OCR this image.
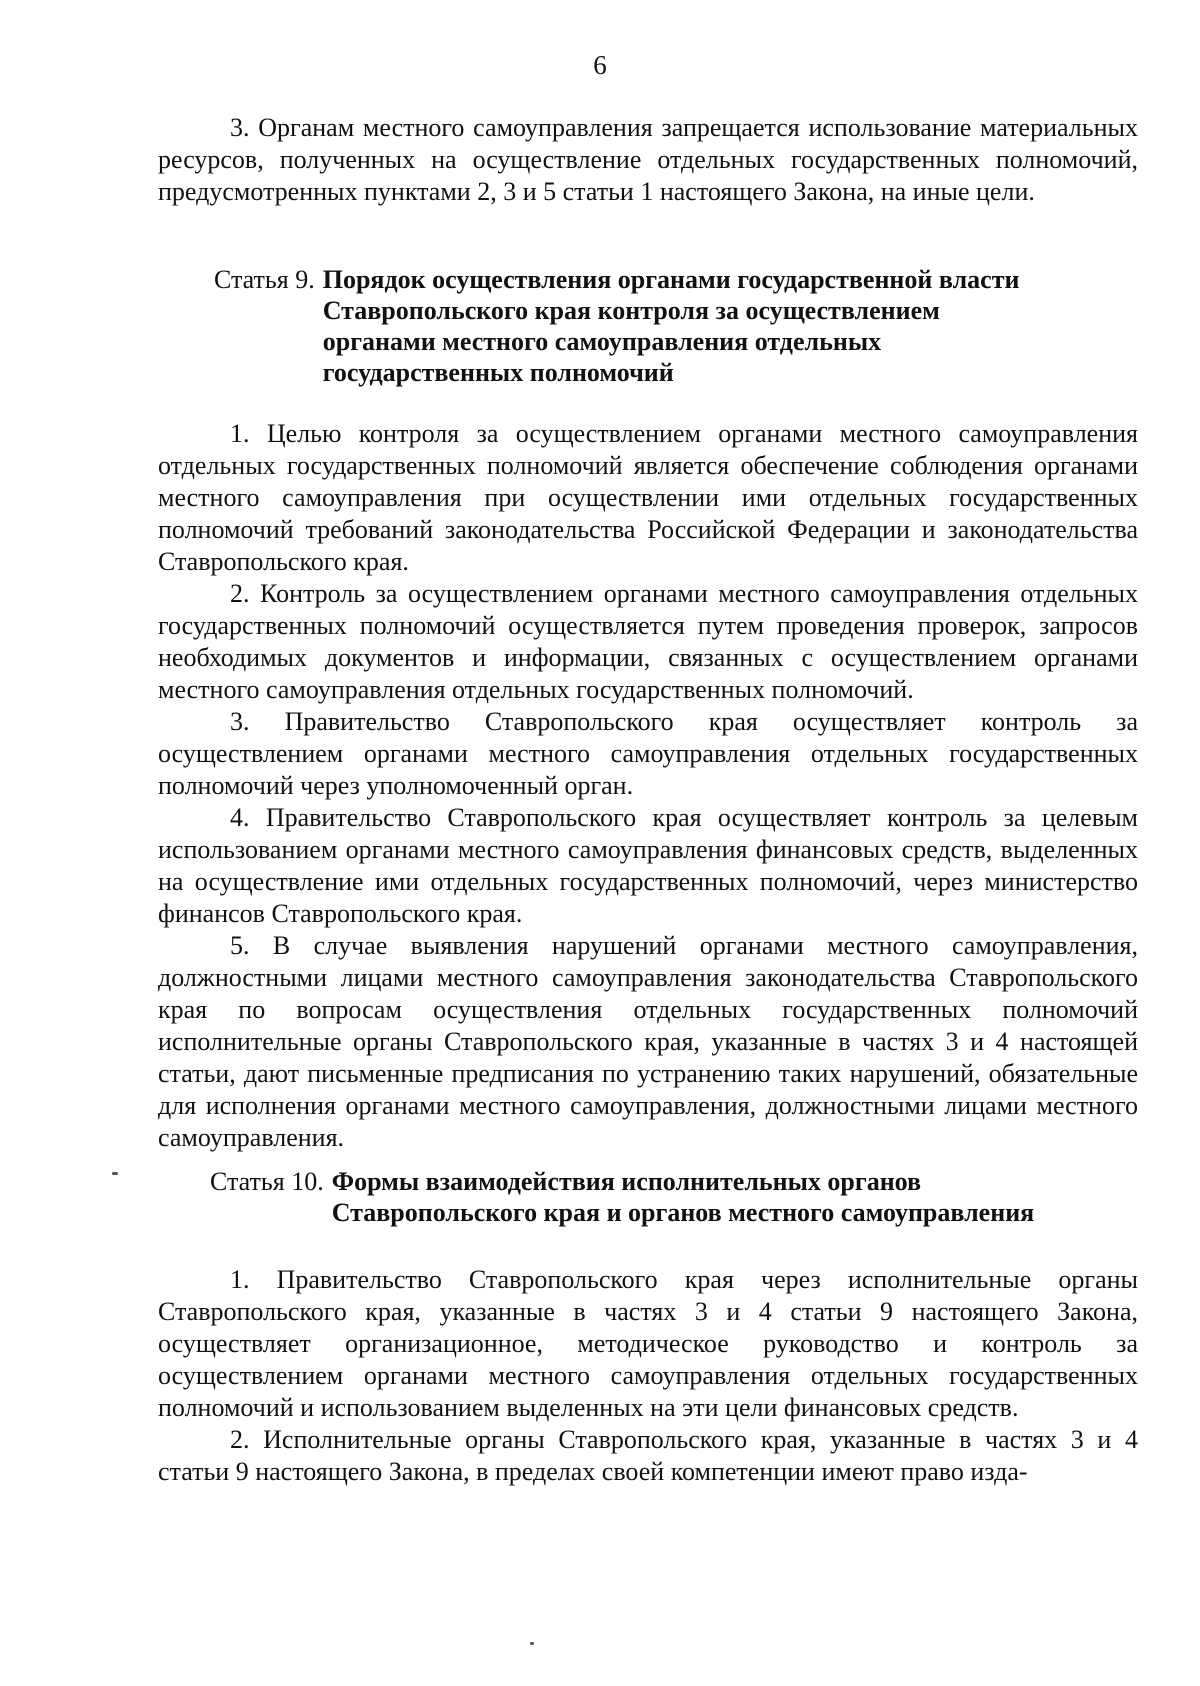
6

3. Органам местного самоуправления запрещается использование материальных ресурсов, полученных на осуществление отдельных государственных полномочий, предусмотренных пунктами 2, 3 и 5 статьи 1 настоящего Закона, на иные цели.

Статья 9. Порядок осуществления органами государственной власти
Ставропольского края контроля за осуществлением
органами местного самоуправления отдельных
государственных полномочий

1. Целью контроля за осуществлением органами местного самоуправления отдельных государственных полномочий является обеспечение соблюдения органами местного самоуправления при осуществлении ими отдельных государственных полномочий требований законодательства Российской Федерации и законодательства Ставропольского края.

2. Контроль за осуществлением органами местного самоуправления отдельных государственных полномочий осуществляется путем проведения проверок, запросов необходимых документов и информации, связанных с осуществлением органами местного самоуправления отдельных государственных полномочий.

3. Правительство Ставропольского края осуществляет контроль за осуществлением органами местного самоуправления отдельных государственных полномочий через уполномоченный орган.

4. Правительство Ставропольского края осуществляет контроль за целевым использованием органами местного самоуправления финансовых средств, выделенных на осуществление ими отдельных государственных полномочий, через министерство финансов Ставропольского края.

5. В случае выявления нарушений органами местного самоуправления, должностными лицами местного самоуправления законодательства Ставропольского края по вопросам осуществления отдельных государственных полномочий исполнительные органы Ставропольского края, указанные в частях 3 и 4 настоящей статьи, дают письменные предписания по устранению таких нарушений, обязательные для исполнения органами местного самоуправления, должностными лицами местного самоуправления.

Статья 10. Формы взаимодействия исполнительных органов
Ставропольского края и органов местного самоуправления

1. Правительство Ставропольского края через исполнительные органы Ставропольского края, указанные в частях 3 и 4 статьи 9 настоящего Закона, осуществляет организационное, методическое руководство и контроль за осуществлением органами местного самоуправления отдельных государственных полномочий и использованием выделенных на эти цели финансовых средств.

2. Исполнительные органы Ставропольского края, указанные в частях 3 и 4 статьи 9 настоящего Закона, в пределах своей компетенции имеют право изда-
